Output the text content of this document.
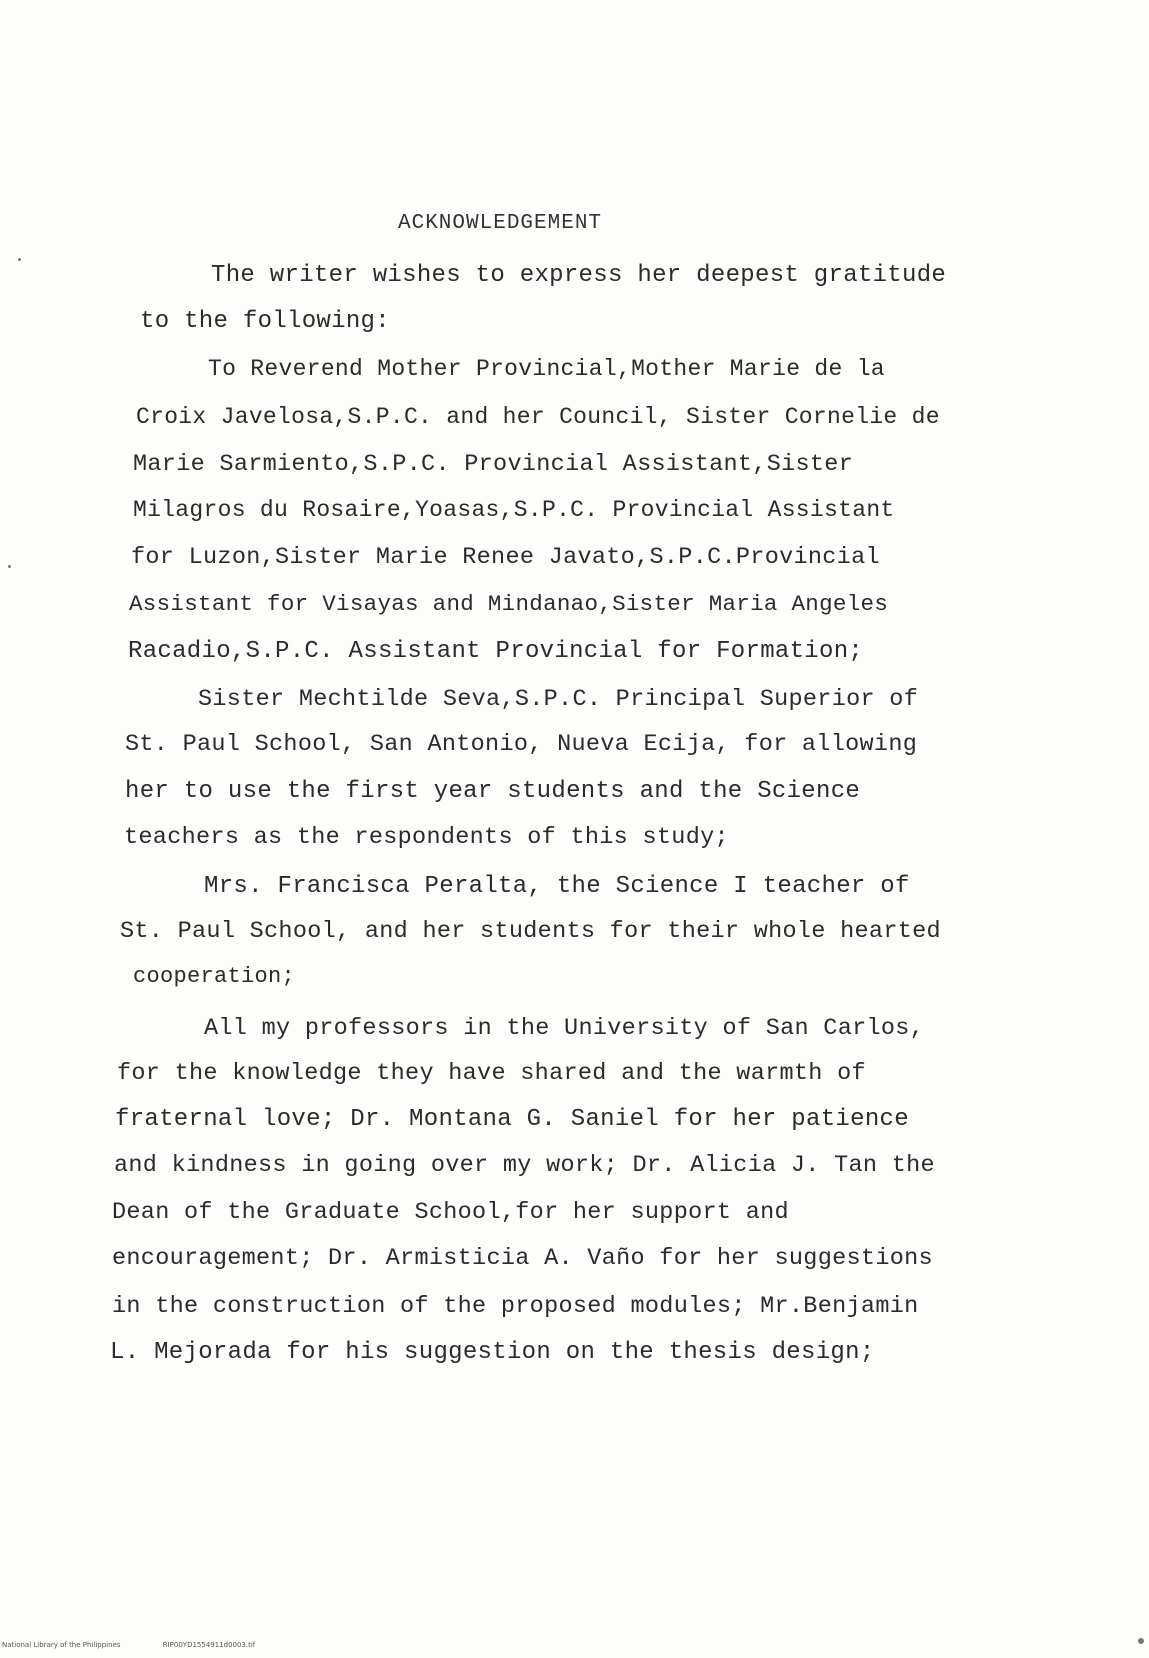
ACKNOWLEDGEMENT
The writer wishes to express her deepest gratitude
to the following:
To Reverend Mother Provincial,Mother Marie de la
Croix Javelosa,S.P.C. and her Council, Sister Cornelie de
Marie Sarmiento,S.P.C. Provincial Assistant,Sister
Milagros du Rosaire,Yoasas,S.P.C. Provincial Assistant
for Luzon,Sister Marie Renee Javato,S.P.C.Provincial
Assistant for Visayas and Mindanao,Sister Maria Angeles
Racadio,S.P.C. Assistant Provincial for Formation;
Sister Mechtilde Seva,S.P.C. Principal Superior of
St. Paul School, San Antonio, Nueva Ecija, for allowing
her to use the first year students and the Science
teachers as the respondents of this study;
Mrs. Francisca Peralta, the Science I teacher of
St. Paul School, and her students for their whole hearted
cooperation;
All my professors in the University of San Carlos,
for the knowledge they have shared and the warmth of
fraternal love; Dr. Montana G. Saniel for her patience
and kindness in going over my work; Dr. Alicia J. Tan the
Dean of the Graduate School,for her support and
encouragement; Dr. Armisticia A. Vaño for her suggestions
in the construction of the proposed modules; Mr.Benjamin
L. Mejorada for his suggestion on the thesis design;
National Library of the Philippines	RIP00YD1554911d0003.tif
